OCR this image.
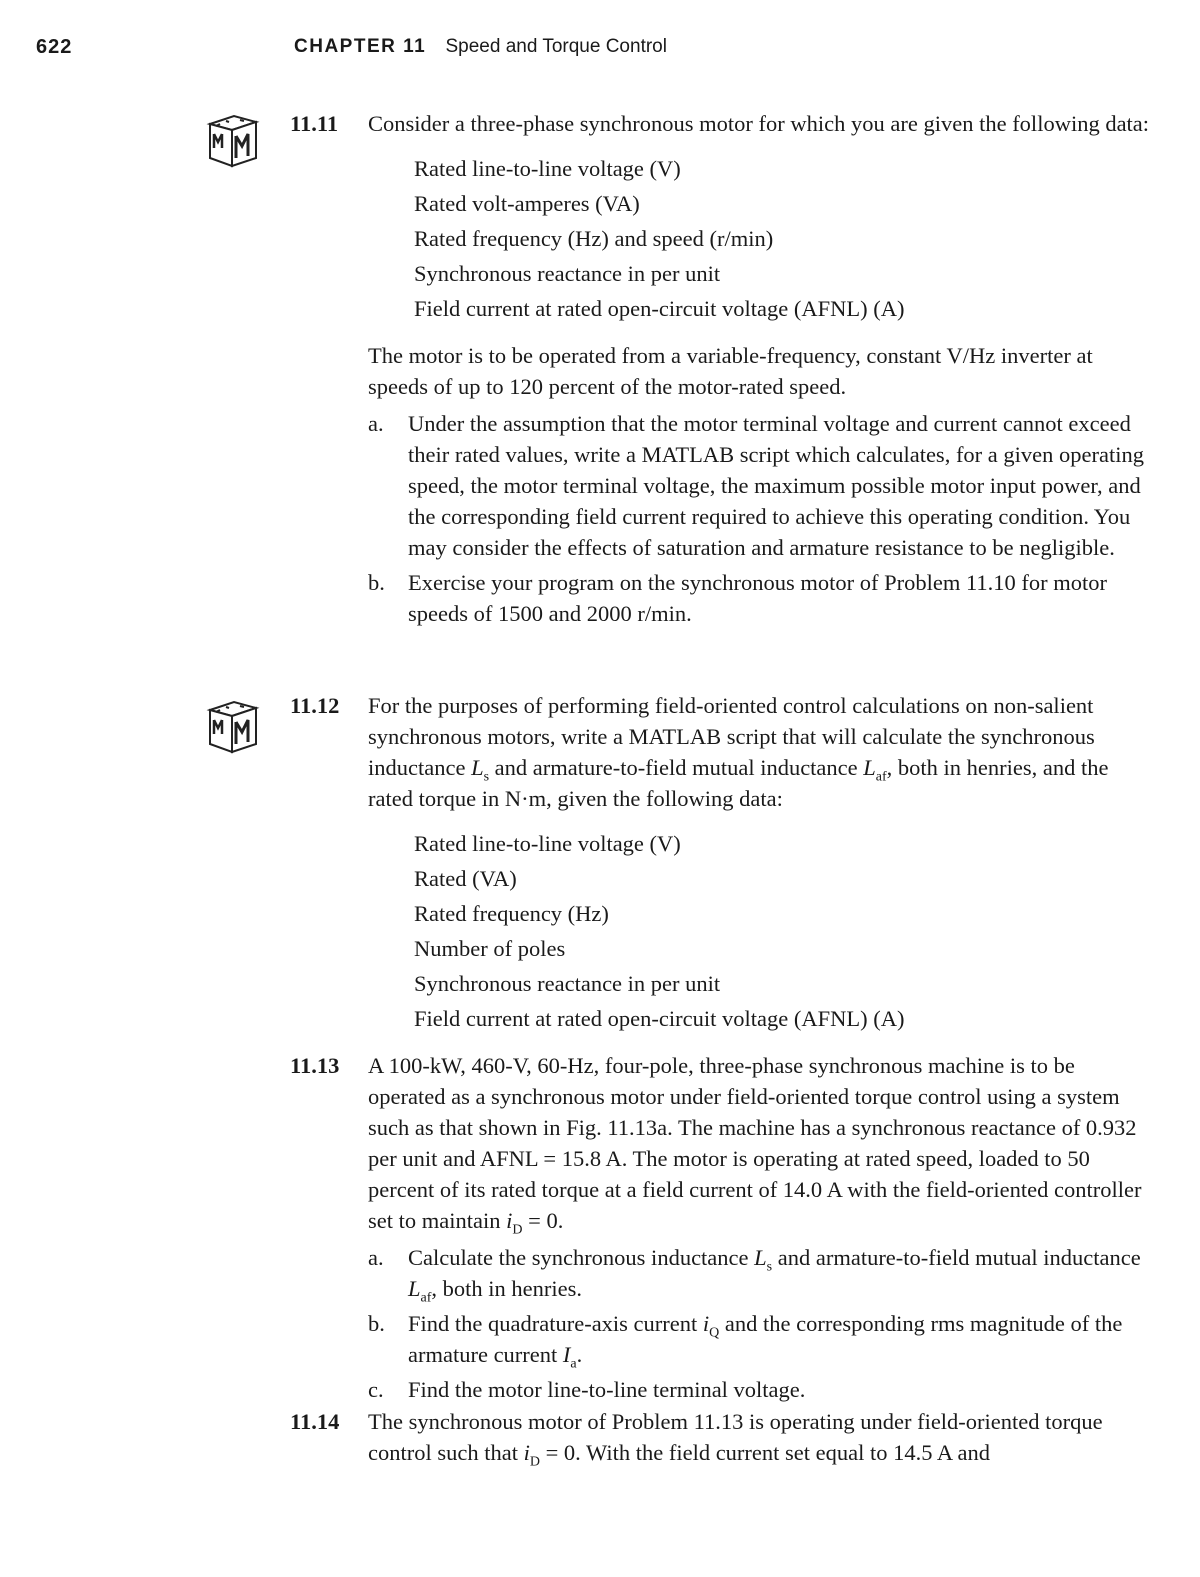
622	CHAPTER 11 Speed and Torque Control
M
11.11	Consider a three-phase synchronous motor for which you are given the following data:

Rated line-to-line voltage (V)
Rated volt-amperes (VA)
Rated frequency (Hz) and speed (r/min)
Synchronous reactance in per unit
Field current at rated open-circuit voltage (AFNL) (A)

The motor is to be operated from a variable-frequency, constant V/Hz inverter at speeds of up to 120 percent of the motor-rated speed.

a. Under the assumption that the motor terminal voltage and current cannot exceed their rated values, write a MATLAB script which calculates, for a given operating speed, the motor terminal voltage, the maximum possible motor input power, and the corresponding field current required to achieve this operating condition. You may consider the effects of saturation and armature resistance to be negligible.
b. Exercise your program on the synchronous motor of Problem 11.10 for motor speeds of 1500 and 2000 r/min.
11.12	For the purposes of performing field-oriented control calculations on non-salient synchronous motors, write a MATLAB script that will calculate the synchronous inductance $L_s$ and armature-to-field mutual inductance $L_{af}$, both in henries, and the rated torque in N·m, given the following data:

Rated line-to-line voltage (V)
Rated (VA)
Rated frequency (Hz)
Number of poles
Synchronous reactance in per unit
Field current at rated open-circuit voltage (AFNL) (A)
11.13	A 100-kW, 460-V, 60-Hz, four-pole, three-phase synchronous machine is to be operated as a synchronous motor under field-oriented torque control using a system such as that shown in Fig. 11.13a. The machine has a synchronous reactance of 0.932 per unit and AFNL = 15.8 A. The motor is operating at rated speed, loaded to 50 percent of its rated torque at a field current of 14.0 A with the field-oriented controller set to maintain $i_D = 0$.

a. Calculate the synchronous inductance $L_s$ and armature-to-field mutual inductance $L_{af}$, both in henries.
b. Find the quadrature-axis current $i_Q$ and the corresponding rms magnitude of the armature current $I_a$.
c. Find the motor line-to-line terminal voltage.
11.14	The synchronous motor of Problem 11.13 is operating under field-oriented torque control such that $i_D = 0$. With the field current set equal to 14.5 A and
